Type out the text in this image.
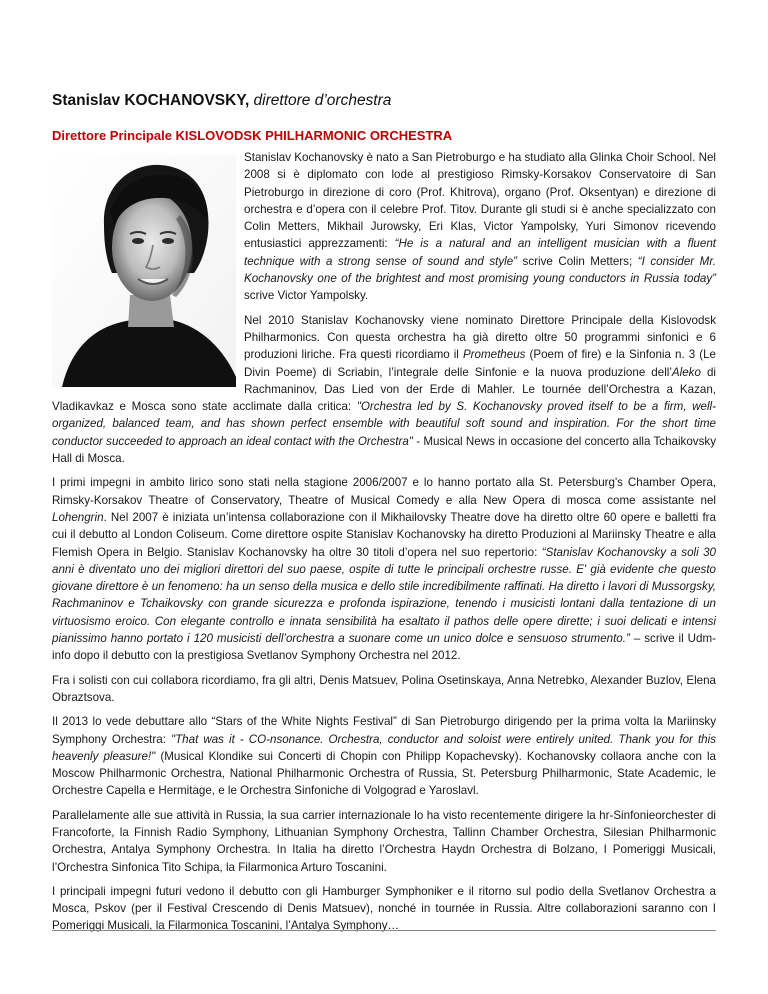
Stanislav KOCHANOVSKY, direttore d’orchestra
Direttore Principale KISLOVODSK PHILHARMONIC ORCHESTRA

Stanislav Kochanovsky è nato a San Pietroburgo e ha studiato alla Glinka Choir School. Nel 2008 si è diplomato con lode al prestigioso Rimsky-Korsakov Conservatoire di San Pietroburgo in direzione di coro (Prof. Khitrova), organo (Prof. Oksentyan) e direzione di orchestra e d’opera con il celebre Prof. Titov. Durante gli studi si è anche specializzato con Colin Metters, Mikhail Jurowsky, Eri Klas, Victor Yampolsky, Yuri Simonov ricevendo entusiastici apprezzamenti: “He is a natural and an intelligent musician with a fluent technique with a strong sense of sound and style” scrive Colin Metters; “I consider Mr. Kochanovsky one of the brightest and most promising young conductors in Russia today” scrive Victor Yampolsky.

Nel 2010 Stanislav Kochanovsky viene nominato Direttore Principale della Kislovodsk Philharmonics. Con questa orchestra ha già diretto oltre 50 programmi sinfonici e 6 produzioni liriche. Fra questi ricordiamo il Prometheus (Poem of fire) e la Sinfonia n. 3 (Le Divin Poeme) di Scriabin, l’integrale delle Sinfonie e la nuova produzione dell’Aleko di Rachmaninov, Das Lied von der Erde di Mahler. Le tournée dell’Orchestra a Kazan, Vladikavkaz e Mosca sono state acclimate dalla critica: "Orchestra led by S. Kochanovsky proved itself to be a firm, well-organized, balanced team, and has shown perfect ensemble with beautiful soft sound and inspiration. For the short time conductor succeeded to approach an ideal contact with the Orchestra" - Musical News in occasione del concerto alla Tchaikovsky Hall di Mosca.

I primi impegni in ambito lirico sono stati nella stagione 2006/2007 e lo hanno portato alla St. Petersburg's Chamber Opera, Rimsky-Korsakov Theatre of Conservatory, Theatre of Musical Comedy e alla New Opera di mosca come assistante nel Lohengrin. Nel 2007 è iniziata un’intensa collaborazione con il Mikhailovsky Theatre dove ha diretto oltre 60 opere e balletti fra cui il debutto al London Coliseum. Come direttore ospite Stanislav Kochanovsky ha diretto Produzioni al Mariinsky Theatre e alla Flemish Opera in Belgio. Stanislav Kochanovsky ha oltre 30 titoli d’opera nel suo repertorio: “Stanislav Kochanovsky a soli 30 anni è diventato uno dei migliori direttori del suo paese, ospite di tutte le principali orchestre russe. E' già evidente che questo giovane direttore è un fenomeno: ha un senso della musica e dello stile incredibilmente raffinati. Ha diretto i lavori di Mussorgsky, Rachmaninov e Tchaikovsky con grande sicurezza e profonda ispirazione, tenendo i musicisti lontani dalla tentazione di un virtuosismo eroico. Con elegante controllo e innata sensibilità ha esaltato il pathos delle opere dirette; i suoi delicati e intensi pianissimo hanno portato i 120 musicisti dell’orchestra a suonare come un unico dolce e sensuoso strumento.” – scrive il Udm-info dopo il debutto con la prestigiosa Svetlanov Symphony Orchestra nel 2012.

Fra i solisti con cui collabora ricordiamo, fra gli altri, Denis Matsuev, Polina Osetinskaya, Anna Netrebko, Alexander Buzlov, Elena Obraztsova.

Il 2013 lo vede debuttare allo “Stars of the White Nights Festival” di San Pietroburgo dirigendo per la prima volta la Mariinsky Symphony Orchestra: "That was it - CO-nsonance. Orchestra, conductor and soloist were entirely united. Thank you for this heavenly pleasure!" (Musical Klondike sui Concerti di Chopin con Philipp Kopachevsky). Kochanovsky collaora anche con la Moscow Philharmonic Orchestra, National Philharmonic Orchestra of Russia, St. Petersburg Philharmonic, State Academic, le Orchestre Capella e Hermitage, e le Orchestra Sinfoniche di Volgograd e Yaroslavl.

Parallelamente alle sue attività in Russia, la sua carrier internazionale lo ha visto recentemente dirigere la hr-Sinfonieorchester di Francoforte, la Finnish Radio Symphony, Lithuanian Symphony Orchestra, Tallinn Chamber Orchestra, Silesian Philharmonic Orchestra, Antalya Symphony Orchestra. In Italia ha diretto l’Orchestra Haydn Orchestra di Bolzano, I Pomeriggi Musicali, l’Orchestra Sinfonica Tito Schipa, la Filarmonica Arturo Toscanini.

I principali impegni futuri vedono il debutto con gli Hamburger Symphoniker e il ritorno sul podio della Svetlanov Orchestra a Mosca, Pskov (per il Festival Crescendo di Denis Matsuev), nonché in tournée in Russia. Altre collaborazioni saranno con I Pomeriggi Musicali, la Filarmonica Toscanini, l’Antalya Symphony…
